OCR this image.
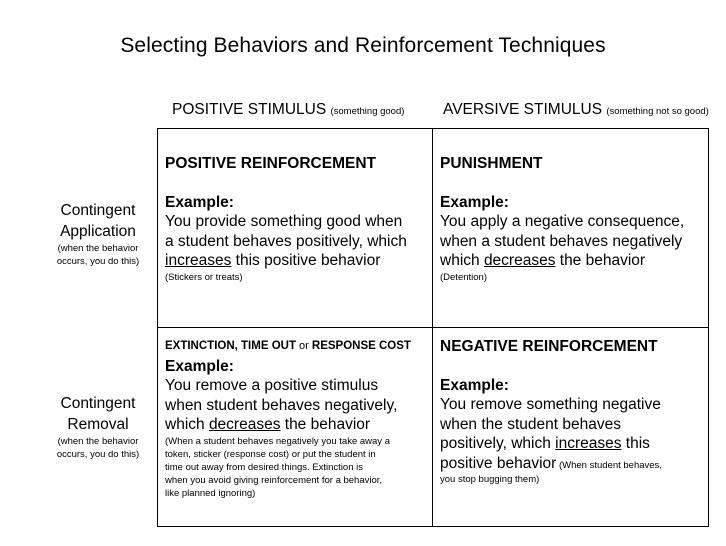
Selecting Behaviors and Reinforcement Techniques
POSITIVE STIMULUS (something good) AVERSIVE STIMULUS (something not so good)
Contingent
Application
(when the behavior
occurs, you do this)
Contingent
Removal
(when the behavior
occurs, you do this)
POSITIVE REINFORCEMENT
Example:
You provide something good when
a student behaves positively, which
increases this positive behavior
(Stickers or treats)
PUNISHMENT
Example:
You apply a negative consequence,
when a student behaves negatively
which decreases the behavior
(Detention)
EXTINCTION, TIME OUT or RESPONSE COST
Example:
You remove a positive stimulus
when student behaves negatively,
which decreases the behavior
(When a student behaves negatively you take away a
token, sticker (response cost) or put the student in
time out away from desired things. Extinction is
when you avoid giving reinforcement for a behavior,
like planned ignoring)
NEGATIVE REINFORCEMENT
Example:
You remove something negative
when the student behaves
positively, which increases this
positive behavior (When student behaves,
you stop bugging them)
